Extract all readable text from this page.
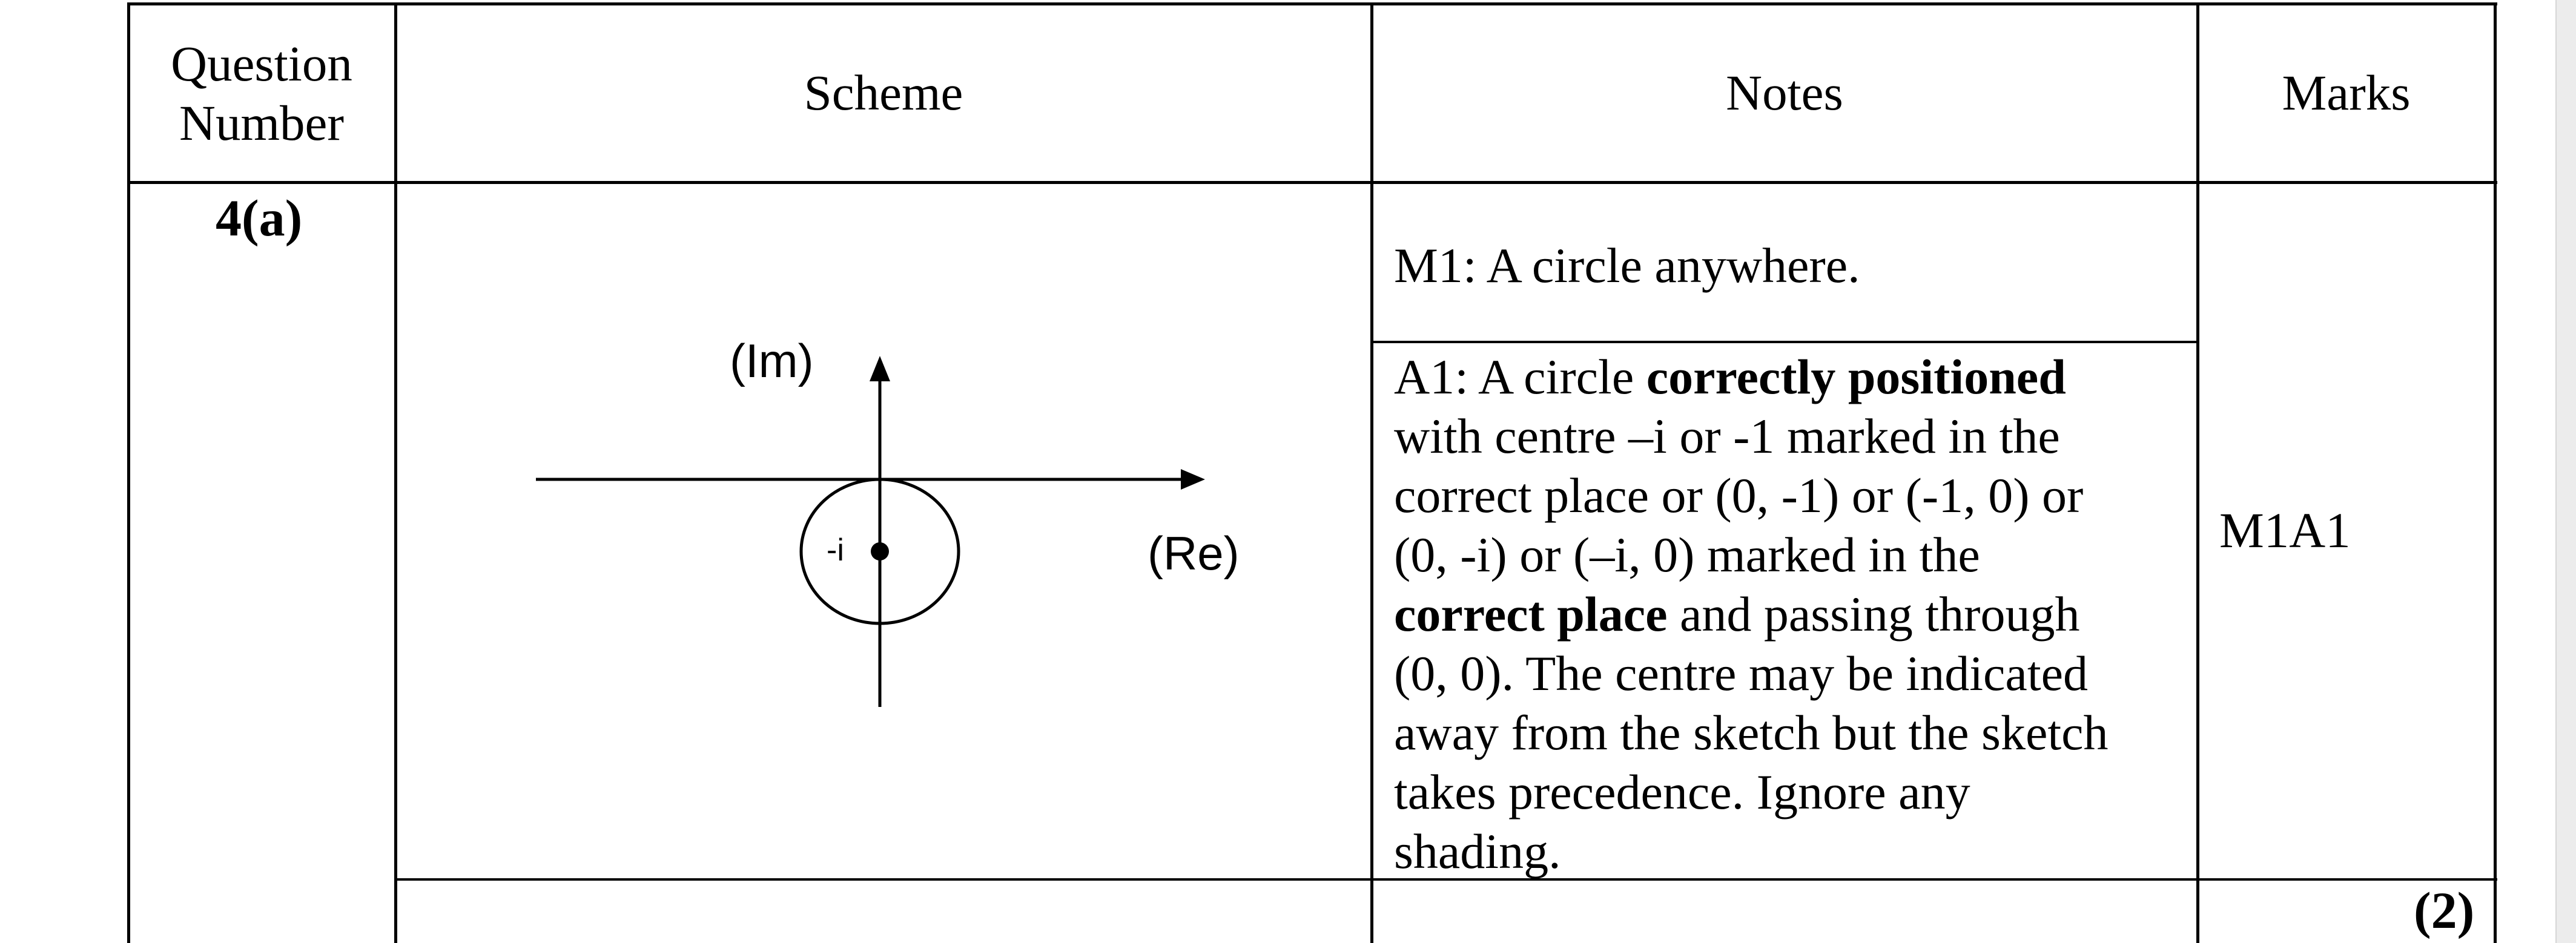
Question Number
Scheme	Notes	Marks
4(a)
(Im)
(Re)
-i
M1: A circle anywhere.
A1: A circle correctly positioned
with centre –i or -1 marked in the
correct place or (0, -1) or (-1, 0) or
(0, -i) or (–i, 0) marked in the
correct place and passing through
(0, 0). The centre may be indicated
away from the sketch but the sketch
takes precedence. Ignore any
shading.
M1A1
(2)
